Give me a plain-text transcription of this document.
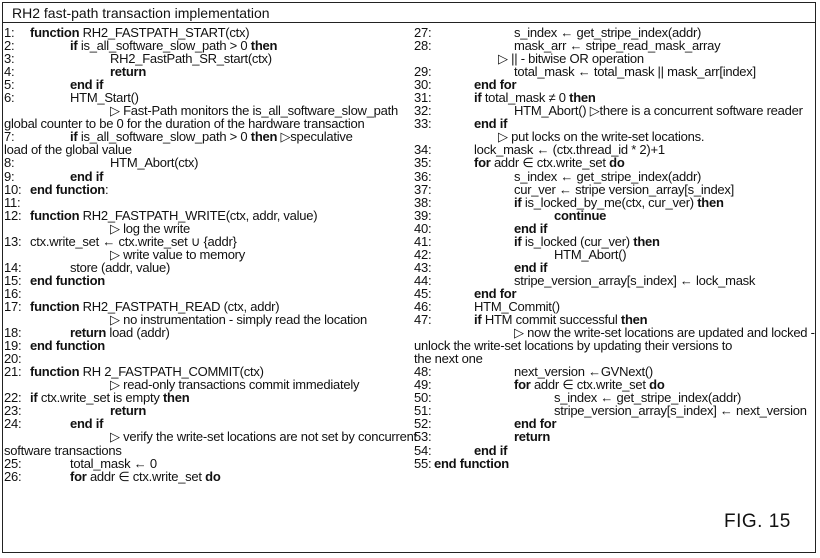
RH2 fast-path transaction implementation
1:	function RH2_FASTPATH_START(ctx)
2:	if is_all_software_slow_path > 0 then
3:	RH2_FastPath_SR_start(ctx)
4:	return
5:	end if
6:	HTM_Start()
▷ Fast-Path monitors the is_all_software_slow_path
global counter to be 0 for the duration of the hardware transaction
7:	if is_all_software_slow_path > 0 then ▷speculative
load of the global value
8:	HTM_Abort(ctx)
9:	end if
10: end function:
11:
12: function RH2_FASTPATH_WRITE(ctx, addr, value)
▷ log the write
13: ctx.write_set ← ctx.write_set ∪ {addr}
▷ write value to memory
14:	store (addr, value)
15: end function
16:
17: function RH2_FASTPATH_READ (ctx, addr)
▷ no instrumentation - simply read the location
18:	return load (addr)
19: end function
20:
21: function RH 2_FASTPATH_COMMIT(ctx)
▷ read-only transactions commit immediately
22: if ctx.write_set is empty then
23:	return
24:	end if
▷ verify the write-set locations are not set by concurrent
software transactions
25:	total_mask ← 0
26:	for addr ∈ ctx.write_set do
27:	s_index ← get_stripe_index(addr)
28:	mask_arr ← stripe_read_mask_array
▷ || - bitwise OR operation
29:	total_mask ← total_mask || mask_arr[index]
30:	end for
31:	if total_mask ≠ 0 then
32:	HTM_Abort() ▷there is a concurrent software reader
33:	end if
▷ put locks on the write-set locations.
34:	lock_mask ← (ctx.thread_id * 2)+1
35:	for addr ∈ ctx.write_set do
36:	s_index ← get_stripe_index(addr)
37:	cur_ver ← stripe version_array[s_index]
38:	if is_locked_by_me(ctx, cur_ver) then
39:	continue
40:	end if
41:	if is_locked (cur_ver) then
42:	HTM_Abort()
43:	end if
44:	stripe_version_array[s_index] ← lock_mask
45:	end for
46:	HTM_Commit()
47:	if HTM commit successful then
▷ now the write-set locations are updated and locked -
unlock the write-set locations by updating their versions to
the next one
48:	next_version ←GVNext()
49:	for addr ∈ ctx.write_set do
50:	s_index ← get_stripe_index(addr)
51:	stripe_version_array[s_index] ← next_version
52:	end for
53:	return
54:	end if
55: end function
FIG. 15
